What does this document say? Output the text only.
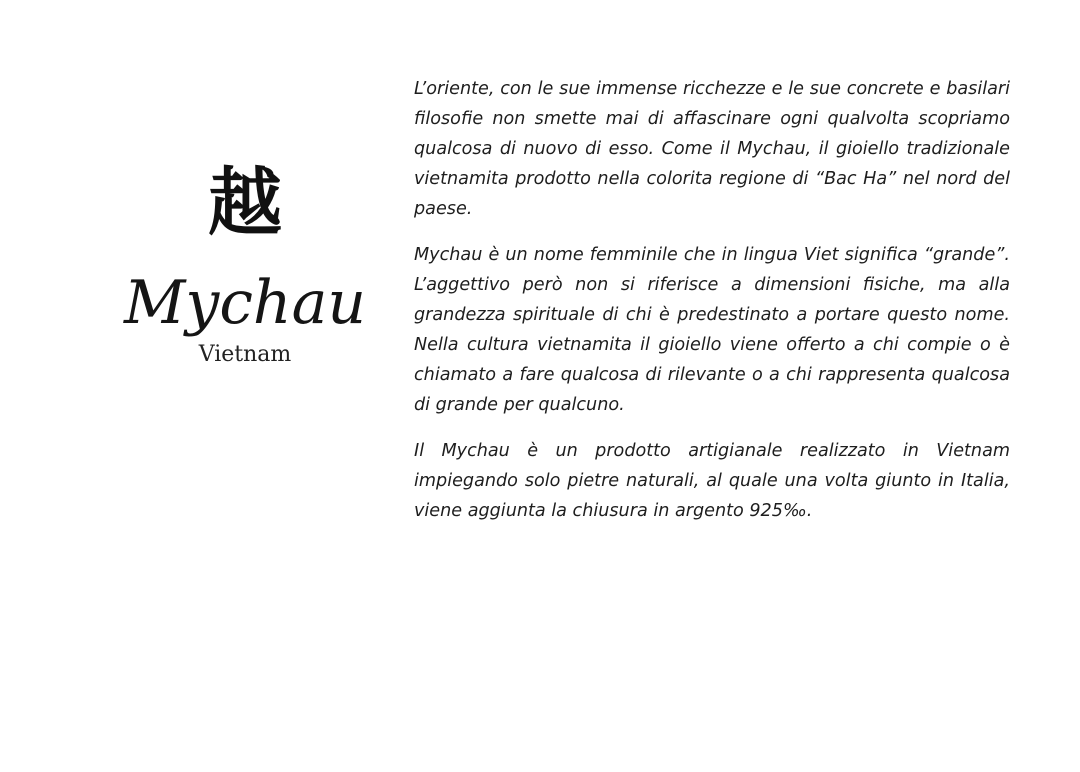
越
Mychau
Vietnam

L’oriente, con le sue immense ricchezze e le sue concrete e basilari filosofie non smette mai di affascinare ogni qualvolta scopriamo qualcosa di nuovo di esso. Come il Mychau, il gioiello tradizionale vietnamita prodotto nella colorita regione di “Bac Ha” nel nord del paese.

Mychau è un nome femminile che in lingua Viet significa “grande”. L’aggettivo però non si riferisce a dimensioni fisiche, ma alla grandezza spirituale di chi è predestinato a portare questo nome. Nella cultura vietnamita il gioiello viene offerto a chi compie o è chiamato a fare qualcosa di rilevante o a chi rappresenta qualcosa di grande per qualcuno.

Il Mychau è un prodotto artigianale realizzato in Vietnam impiegando solo pietre naturali, al quale una volta giunto in Italia, viene aggiunta la chiusura in argento 925‰.
